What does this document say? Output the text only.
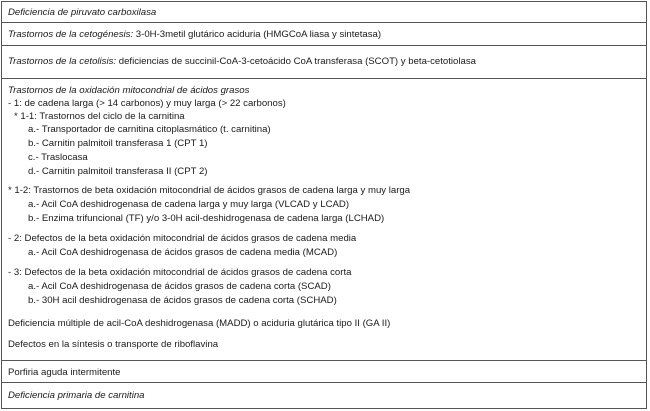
Deficiencia de piruvato carboxilasa
Trastornos de la cetogénesis: 3-0H-3metil glutárico aciduria (HMGCoA liasa y sintetasa)
Trastornos de la cetolisis: deficiencias de succinil-CoA-3-cetoácido CoA transferasa (SCOT) y beta-cetotiolasa
Trastornos de la oxidación mitocondrial de ácidos grasos
- 1: de cadena larga (> 14 carbonos) y muy larga (> 22 carbonos)
* 1-1: Trastornos del ciclo de la carnitina
a.- Transportador de carnitina citoplasmático (t. carnitina)
b.- Carnitin palmitoil transferasa 1 (CPT 1)
c.- Traslocasa
d.- Carnitin palmitoil transferasa II (CPT 2)
* 1-2: Trastornos de beta oxidación mitocondrial de ácidos grasos de cadena larga y muy larga
a.- Acil CoA deshidrogenasa de cadena larga y muy larga (VLCAD y LCAD)
b.- Enzima trifuncional (TF) y/o 3-0H acil-deshidrogenasa de cadena larga (LCHAD)
- 2: Defectos de la beta oxidación mitocondrial de ácidos grasos de cadena media
a.- Acil CoA deshidrogenasa de ácidos grasos de cadena media (MCAD)
- 3: Defectos de la beta oxidación mitocondrial de ácidos grasos de cadena corta
a.- Acil CoA deshidrogenasa de ácidos grasos de cadena corta (SCAD)
b.- 30H acil deshidrogenasa de ácidos grasos de cadena corta (SCHAD)
Deficiencia múltiple de acil-CoA deshidrogenasa (MADD) o aciduria glutárica tipo II (GA II)
Defectos en la síntesis o transporte de riboflavina
Porfiria aguda intermitente
Deficiencia primaria de carnitina
